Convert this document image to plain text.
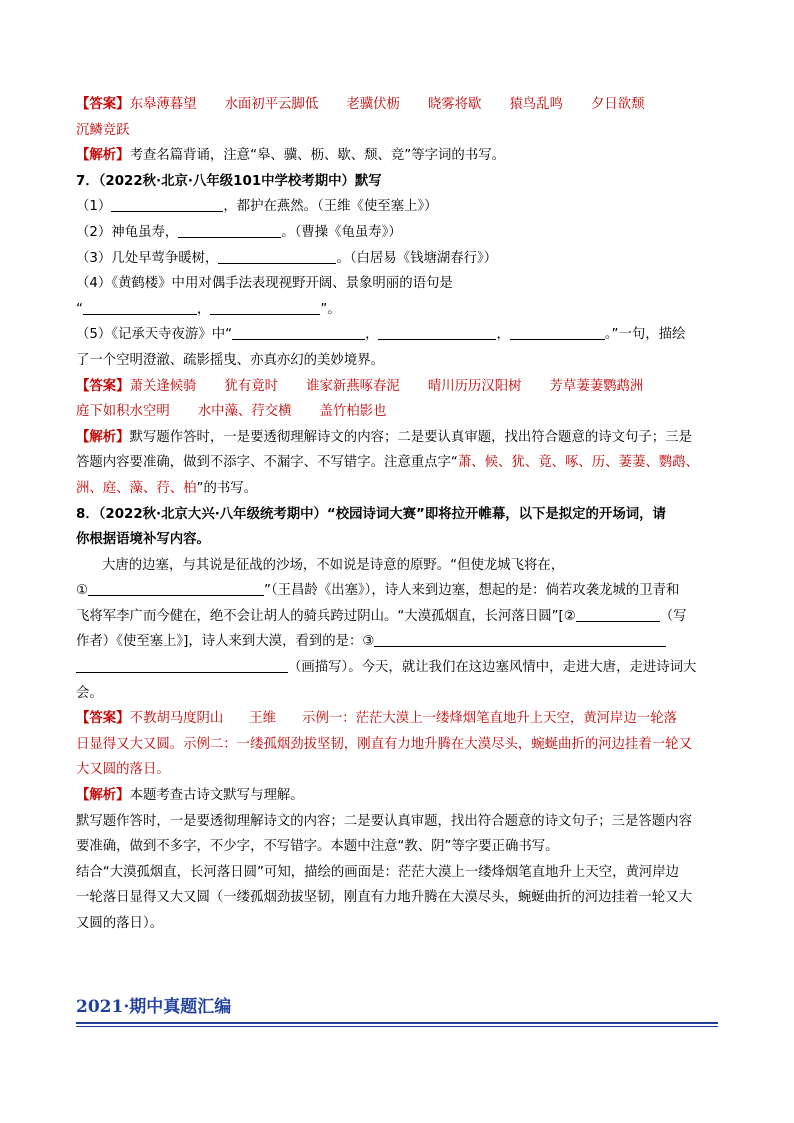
【答案】东皋薄暮望 水面初平云脚低 老骥伏枥 晓雾将歇 猿鸟乱鸣 夕日欲颓
沉鳞竞跃
【解析】考查名篇背诵，注意“皋、骥、枥、歇、颓、竞”等字词的书写。
7．（2022秋·北京·八年级101中学校考期中）默写
（1）	，都护在燕然。（王维《使至塞上》）
（2）神龟虽寿，	。（曹操《龟虽寿》）
（3）几处早莺争暖树，	。（白居易《钱塘湖春行》）
（4）《黄鹤楼》中用对偶手法表现视野开阔、景象明丽的语句是
“	，	”。
（5）《记承天寺夜游》中“	，	，	。”一句，描绘
了一个空明澄澈、疏影摇曳、亦真亦幻的美妙境界。
【答案】萧关逢候骑 犹有竟时 谁家新燕啄春泥 晴川历历汉阳树 芳草萋萋鹦鹉洲
庭下如积水空明 水中藻、荇交横 盖竹柏影也
【解析】默写题作答时，一是要透彻理解诗文的内容；二是要认真审题，找出符合题意的诗文句子；三是
答题内容要准确，做到不添字、不漏字、不写错字。注意重点字“萧、候、犹、竟、啄、历、萋萋、鹦鹉、
洲、庭、藻、荇、柏”的书写。
8．（2022秋·北京大兴·八年级统考期中）“校园诗词大赛”即将拉开帷幕，以下是拟定的开场词，请
你根据语境补写内容。
大唐的边塞，与其说是征战的沙场，不如说是诗意的原野。“但使龙城飞将在，
①	”（王昌龄《出塞》），诗人来到边塞，想起的是：倘若攻袭龙城的卫青和
飞将军李广而今健在，绝不会让胡人的骑兵跨过阴山。“大漠孤烟直，长河落日圆”[②	（写
作者）《使至塞上》]，诗人来到大漠，看到的是：③
（画描写）。今天，就让我们在这边塞风情中，走进大唐，走进诗词大
会。
【答案】不教胡马度阴山 王维 示例一：茫茫大漠上一缕烽烟笔直地升上天空，黄河岸边一轮落
日显得又大又圆。示例二：一缕孤烟劲拔坚韧，刚直有力地升腾在大漠尽头，蜿蜒曲折的河边挂着一轮又
大又圆的落日。
【解析】本题考查古诗文默写与理解。
默写题作答时，一是要透彻理解诗文的内容；二是要认真审题，找出符合题意的诗文句子；三是答题内容
要准确，做到不多字，不少字，不写错字。本题中注意“教、阴”等字要正确书写。
结合“大漠孤烟直，长河落日圆”可知，描绘的画面是：茫茫大漠上一缕烽烟笔直地升上天空，黄河岸边
一轮落日显得又大又圆（一缕孤烟劲拔坚韧，刚直有力地升腾在大漠尽头，蜿蜒曲折的河边挂着一轮又大
又圆的落日）。
2021·期中真题汇编
